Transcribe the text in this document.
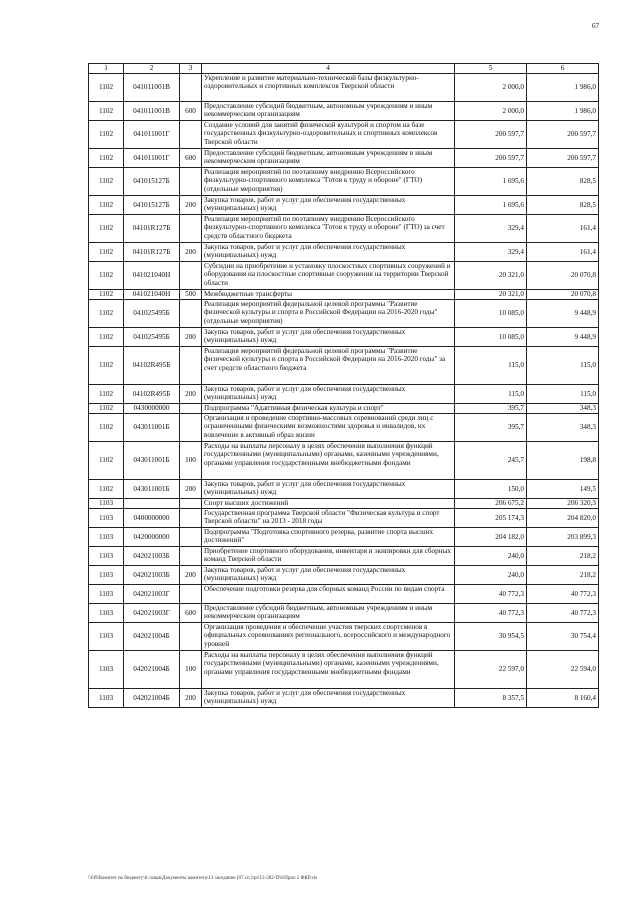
67
1	2	3	4	5	6
1102	041011001В		Укрепление и развитие материально-технической базы физкультурно-оздоровительных и спортивных комплексов Тверской области	2 000,0	1 986,0
1102	041011001В	600	Предоставление субсидий бюджетным, автономным учреждениям и иным некоммерческим организациям	2 000,0	1 986,0
1102	041011001Г		Создание условий для занятий физической культурой и спортом на базе государственных физкультурно-оздоровительных и спортивных комплексов Тверской области	200 597,7	200 597,7
1102	041011001Г	600	Предоставление субсидий бюджетным, автономным учреждениям и иным некоммерческим организациям	200 597,7	200 597,7
1102	041015127Б		Реализация мероприятий по поэтапному внедрению Всероссийского физкультурно-спортивного комплекса "Готов к труду и обороне" (ГТО) (отдельные мероприятия)	1 695,6	828,5
1102	041015127Б	200	Закупка товаров, работ и услуг для обеспечения государственных (муниципальных) нужд	1 695,6	828,5
1102	04101R127Б		Реализация мероприятий по поэтапному внедрению Всероссийского физкультурно-спортивного комплекса "Готов к труду и обороне" (ГТО) за счет средств областного бюджета	329,4	161,4
1102	04101R127Б	200	Закупка товаров, работ и услуг для обеспечения государственных (муниципальных) нужд	329,4	161,4
1102	041021040Н		Субсидии на приобретение и установку плоскостных спортивных сооружений и оборудования на плоскостные спортивные сооружения на территории Тверской области	20 321,0	20 070,8
1102	041021040Н	500	Межбюджетные трансферты	20 321,0	20 070,8
1102	041025495Б		Реализация мероприятий федеральной целевой программы "Развитие физической культуры и спорта в Российской Федерации на 2016-2020 годы" (отдельные мероприятия)	10 085,0	9 448,9
1102	041025495Б	200	Закупка товаров, работ и услуг для обеспечения государственных (муниципальных) нужд	10 085,0	9 448,9
1102	04102R495Б		Реализация мероприятий федеральной целевой программы "Развитие физической культуры и спорта в Российской Федерации на 2016-2020 годы" за счет средств областного бюджета	115,0	115,0
1102	04102R495Б	200	Закупка товаров, работ и услуг для обеспечения государственных (муниципальных) нужд	115,0	115,0
1102	0430000000		Подпрограмма "Адаптивная физическая культура и спорт"	395,7	348,3
1102	043011001Б		Организация и проведение спортивно-массовых соревнований среди лиц с ограниченными физическими возможностями здоровья и инвалидов, их вовлечение в активный образ жизни	395,7	348,3
1102	043011001Б	100	Расходы на выплаты персоналу в целях обеспечения выполнения функций государственными (муниципальными) органами, казенными учреждениями, органами управления государственными внебюджетными фондами	245,7	198,8
1102	043011001Б	200	Закупка товаров, работ и услуг для обеспечения государственных (муниципальных) нужд	150,0	149,5
1103			Спорт высших достижений	206 675,2	206 320,3
1103	0400000000		Государственная программа Тверской области "Физическая культура и спорт Тверской области" на 2013 - 2018 годы	205 174,3	204 820,0
1103	0420000000		Подпрограмма "Подготовка спортивного резерва, развитие спорта высших достижений"	204 182,0	203 899,3
1103	042021003Б		Приобретение спортивного оборудования, инвентаря и экипировки для сборных команд Тверской области	240,0	218,2
1103	042021003Б	200	Закупка товаров, работ и услуг для обеспечения государственных (муниципальных) нужд	240,0	218,2
1103	042021003Г		Обеспечение подготовки резерва для сборных команд России по видам спорта	40 772,3	40 772,3
1103	042021003Г	600	Предоставление субсидий бюджетным, автономным учреждениям и иным некоммерческим организациям	40 772,3	40 772,3
1103	042021004Б		Организация проведения и обеспечение участия тверских спортсменов в официальных соревнованиях регионального, всероссийского и международного уровней	30 954,5	30 754,4
1103	042021004Б	100	Расходы на выплаты персоналу в целях обеспечения выполнения функций государственными (муниципальными) органами, казенными учреждениями, органами управления государственными внебюджетными фондами	22 597,0	22 594,0
1103	042021004Б	200	Закупка товаров, работ и услуг для обеспечения государственных (муниципальных) нужд	8 357,5	8 160,4
\\f49\Комитет по бюджету\8 созыв\Документы комитета\13 заседание (07.сп.)\pr\13-282-П\6\Прил 5 ФКР.xls
